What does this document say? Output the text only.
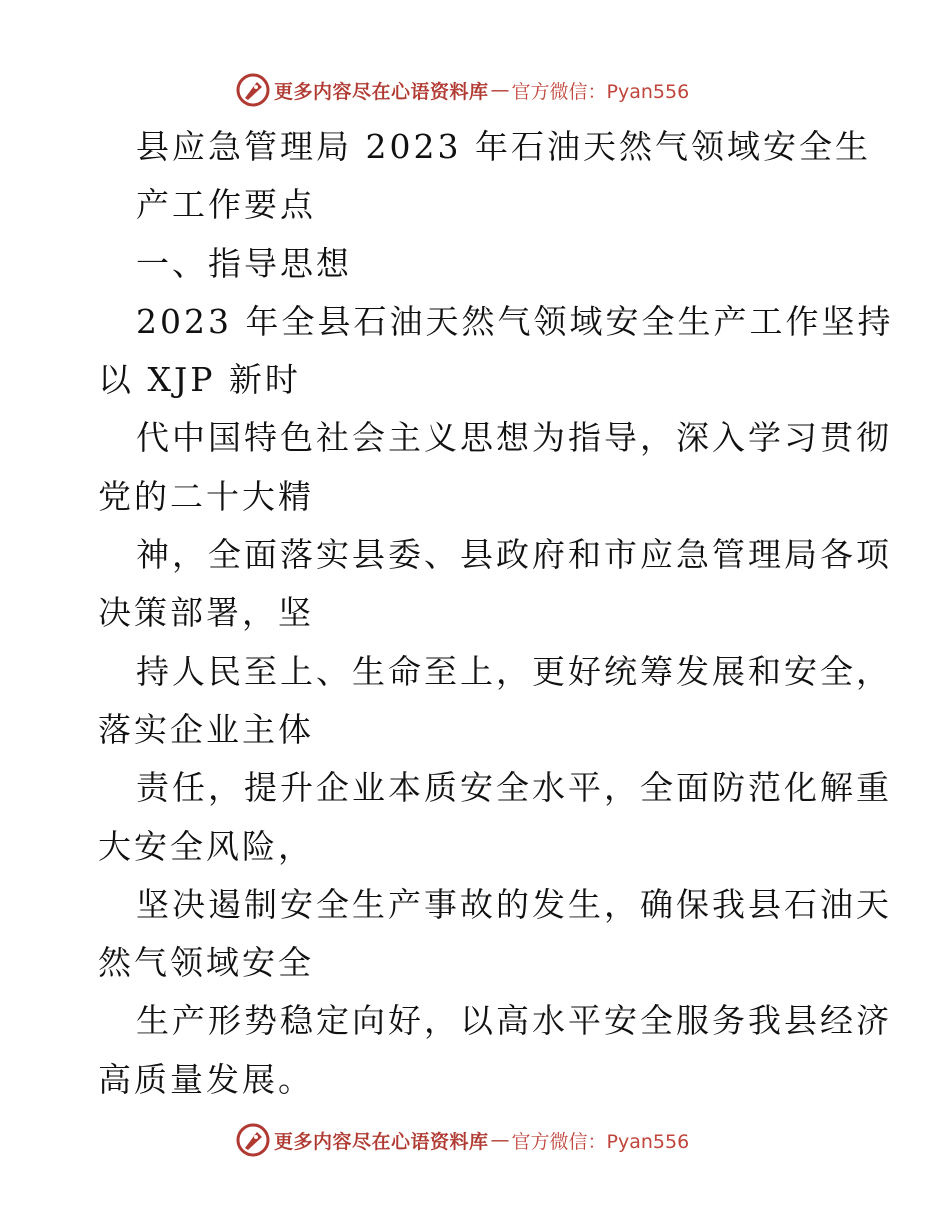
更多内容尽在心语资料库 — 官方微信：Pyan556
县应急管理局 2023 年石油天然气领域安全生
产工作要点
一、指导思想
2023 年全县石油天然气领域安全生产工作坚持
以 XJP 新时
代中国特色社会主义思想为指导，深入学习贯彻
党的二十大精
神，全面落实县委、县政府和市应急管理局各项
决策部署，坚
持人民至上、生命至上，更好统筹发展和安全，
落实企业主体
责任，提升企业本质安全水平，全面防范化解重
大安全风险，
坚决遏制安全生产事故的发生，确保我县石油天
然气领域安全
生产形势稳定向好，以高水平安全服务我县经济
高质量发展。
更多内容尽在心语资料库 — 官方微信：Pyan556
